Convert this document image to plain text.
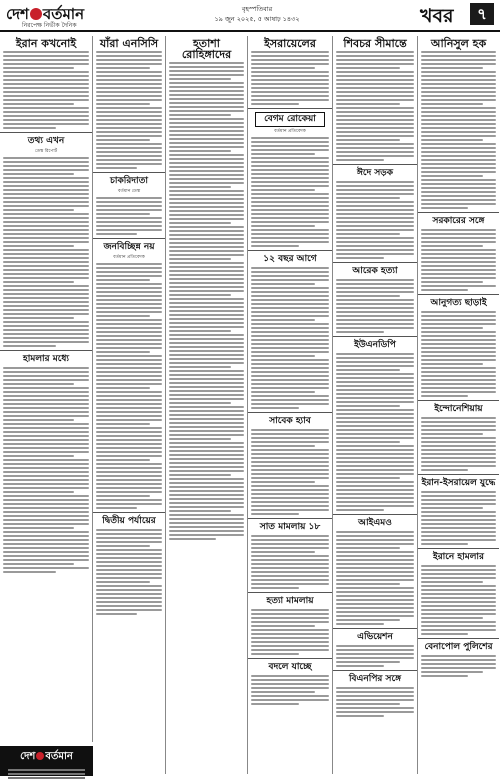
দেশ বর্তমান
নিরপেক্ষ নির্ভীক দৈনিক
বৃহস্পতিবার
১৯ জুন ২০২৫, ৫ আষাঢ় ১৪৩২	খবর	৭
ইরান কখনোই
তথ্য এখন
ডেস্ক রিপোর্ট
হামলার মধ্যে
যাঁরা এনসিসি
চাকরিদাতা
বর্তমান ডেস্ক
জনবিচ্ছিন্ন নয়
বর্তমান প্রতিবেদক
দ্বিতীয় পর্যায়ের
হতাশা রোহিঙ্গাদের
ইসরায়েলের
বেগম রোকেয়া
বর্তমান প্রতিবেদক
১২ বছর আগে
সাবেক হ্যাব
সাত মামলায় ১৮
হত্যা মামলায়
বদলে যাচ্ছে
শিবচর সীমান্তে
ঈদে সড়ক
আরেক হত্যা
ইউএনডিপি
আইএমও
এভিয়েশন
বিএনপির সঙ্গে
আনিসুল হক
সরকারের সঙ্গে
আনুগত্য ছাড়াই
ইন্দোনেশিয়ায়
ইরান-ইসরায়েল যুদ্ধে
ইরানে হামলার
বেনাপোল পুলিশের
দেশ বর্তমান
